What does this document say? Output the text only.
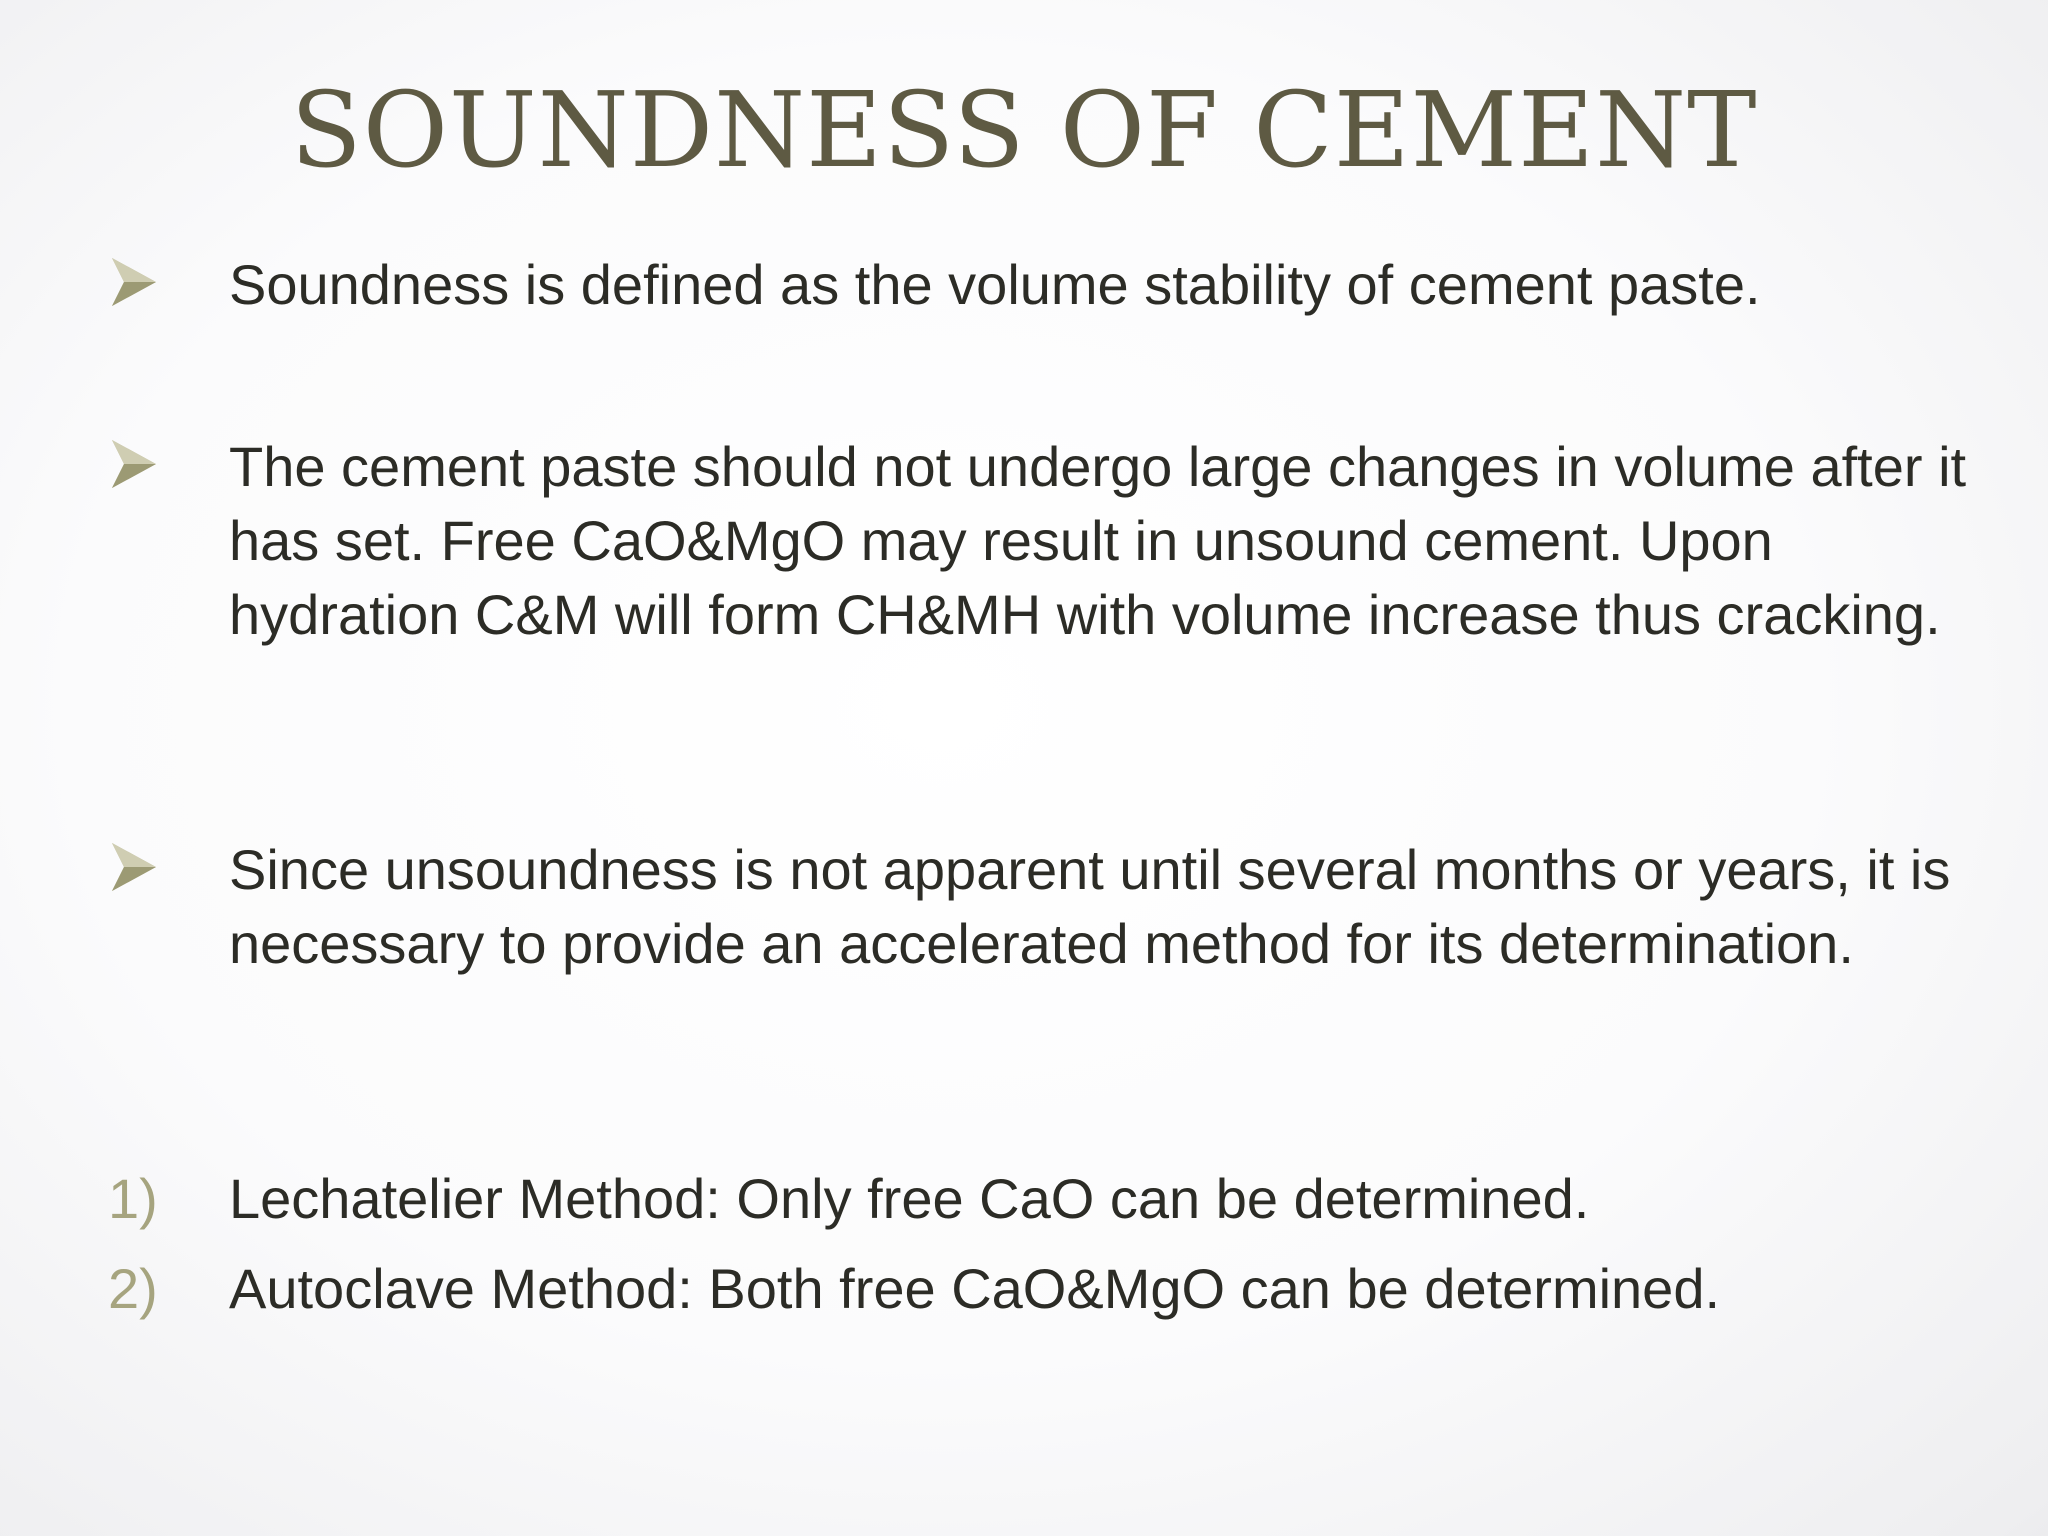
SOUNDNESS OF CEMENT
Soundness is defined as the volume stability of cement paste.
The cement paste should not undergo large changes in volume after it has set. Free CaO&MgO may result in unsound cement. Upon hydration C&M will form CH&MH with volume increase thus cracking.
Since unsoundness is not apparent until several months or years, it is necessary to provide an accelerated method for its determination.
1) Lechatelier Method: Only free CaO can be determined.
2) Autoclave Method: Both free CaO&MgO can be determined.
